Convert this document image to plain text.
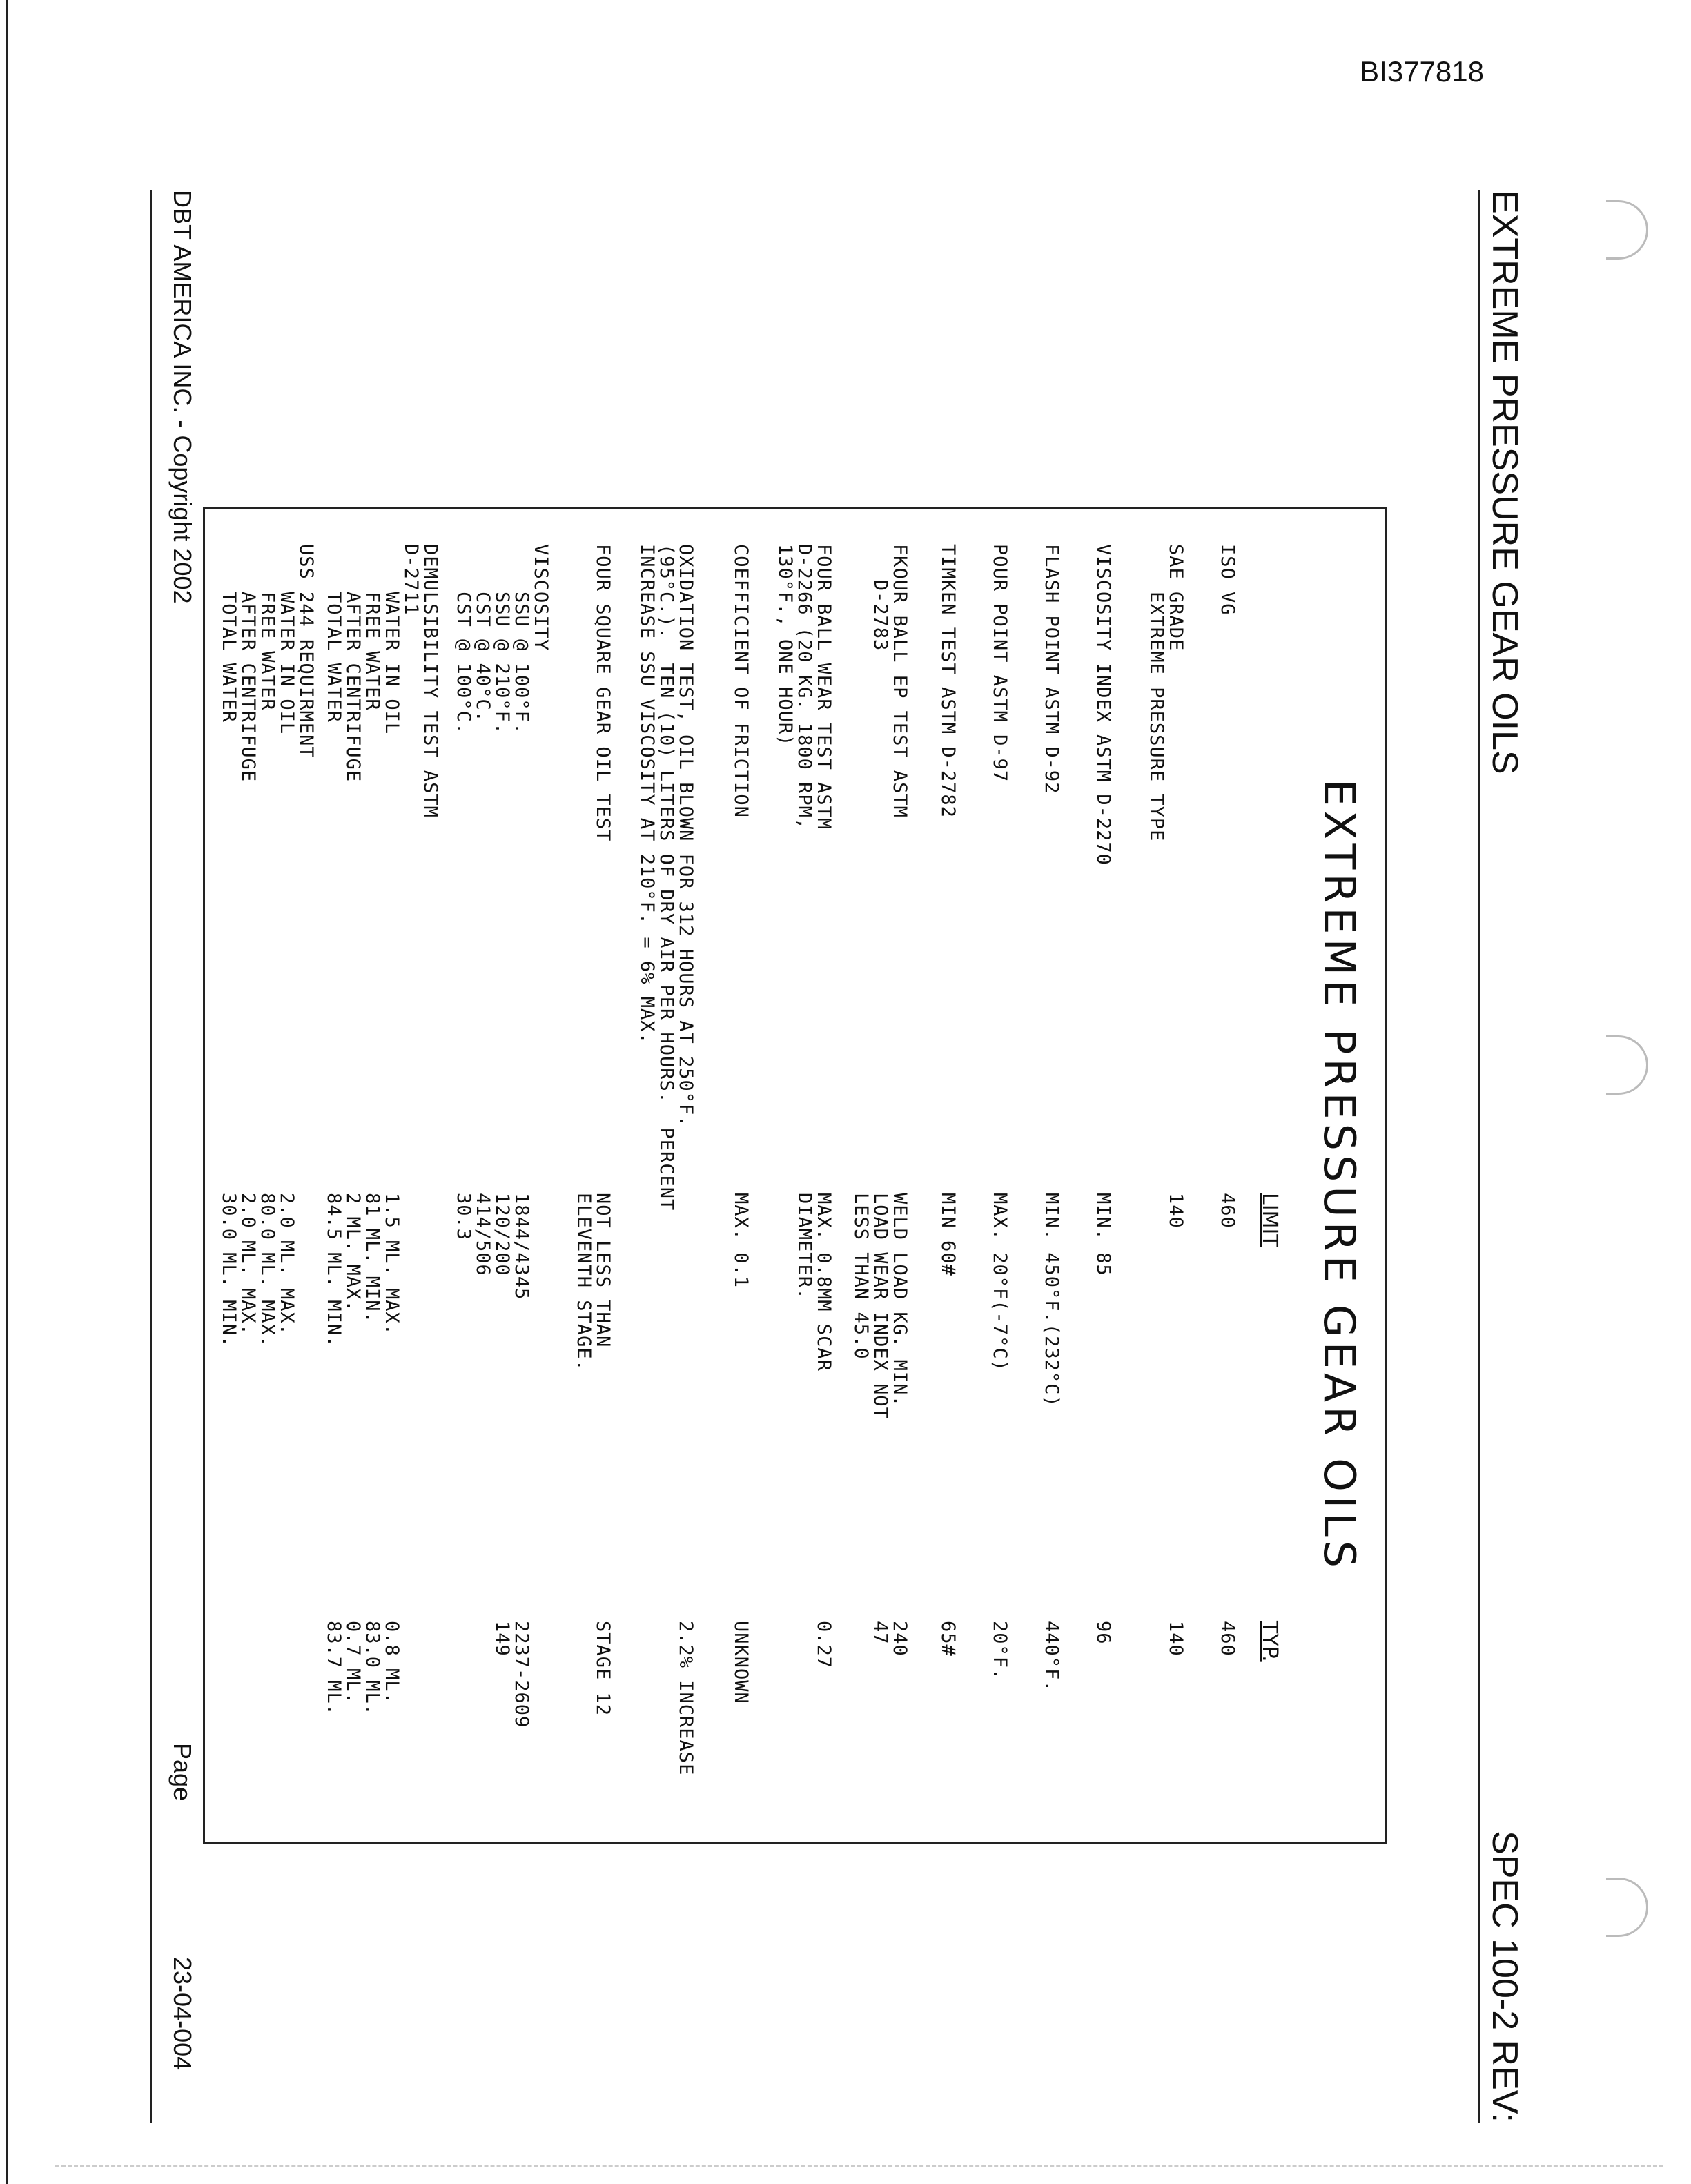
BI377818
EXTREME PRESSURE GEAR OILS
SPEC 100-2 REV:
EXTREME PRESSURE GEAR OILS
LIMIT
TYP.
ISO VG
460
460
SAE GRADE
EXTREME PRESSURE TYPE
140
140
VISCOSITY INDEX ASTM D-2270
MIN. 85
96
FLASH POINT ASTM D-92
MIN. 450°F.(232°C)
440°F.
POUR POINT ASTM D-97
MAX. 20°F(-7°C)
20°F.
TIMKEN TEST ASTM D-2782
MIN 60#
65#
FKOUR BALL EP TEST ASTM
D-2783
WELD LOAD KG. MIN.
LOAD WEAR INDEX NOT
LESS THAN 45.0
240
47
FOUR BALL WEAR TEST ASTM
D-2266 (20 KG. 1800 RPM,
130°F., ONE HOUR)
MAX. 0.8MM SCAR
DIAMETER.
0.27
COEFFICIENT OF FRICTION
MAX. 0.1
UNKNOWN
OXIDATION TEST, OIL BLOWN FOR 312 HOURS AT 250°F.
(95°C.).  TEN (10) LITERS OF DRY AIR PER HOURS.  PERCENT
INCREASE SSU VISCOSITY AT 210°F. = 6% MAX.
2.2% INCREASE
FOUR SQUARE GEAR OIL TEST
NOT LESS THAN
ELEVENTH STAGE.
STAGE 12
VISCOSITY
SSU @ 100°F.
SSU @ 210°F.
CST @ 40°C.
CST @ 100°C.

1844/4345
120/200
414/506
30.3

2237-2609
149
DEMULSIBILITY TEST ASTM
D-2711
WATER IN OIL
FREE WATER
AFTER CENTRIFUGE
TOTAL WATER

1.5 ML. MAX.
81 ML. MIN.
2 ML. MAX.
84.5 ML. MIN.

0.8 ML.
83.0 ML.
0.7 ML.
83.7 ML.
USS 244 REQUIRMENT
WATER IN OIL
FREE WATER
AFTER CENTRIFUGE
TOTAL WATER

2.0 ML. MAX.
80.0 ML. MAX.
2.0 ML. MAX.
30.0 ML. MIN.
DBT AMERICA INC. - Copyright 2002
Page
23-04-004
